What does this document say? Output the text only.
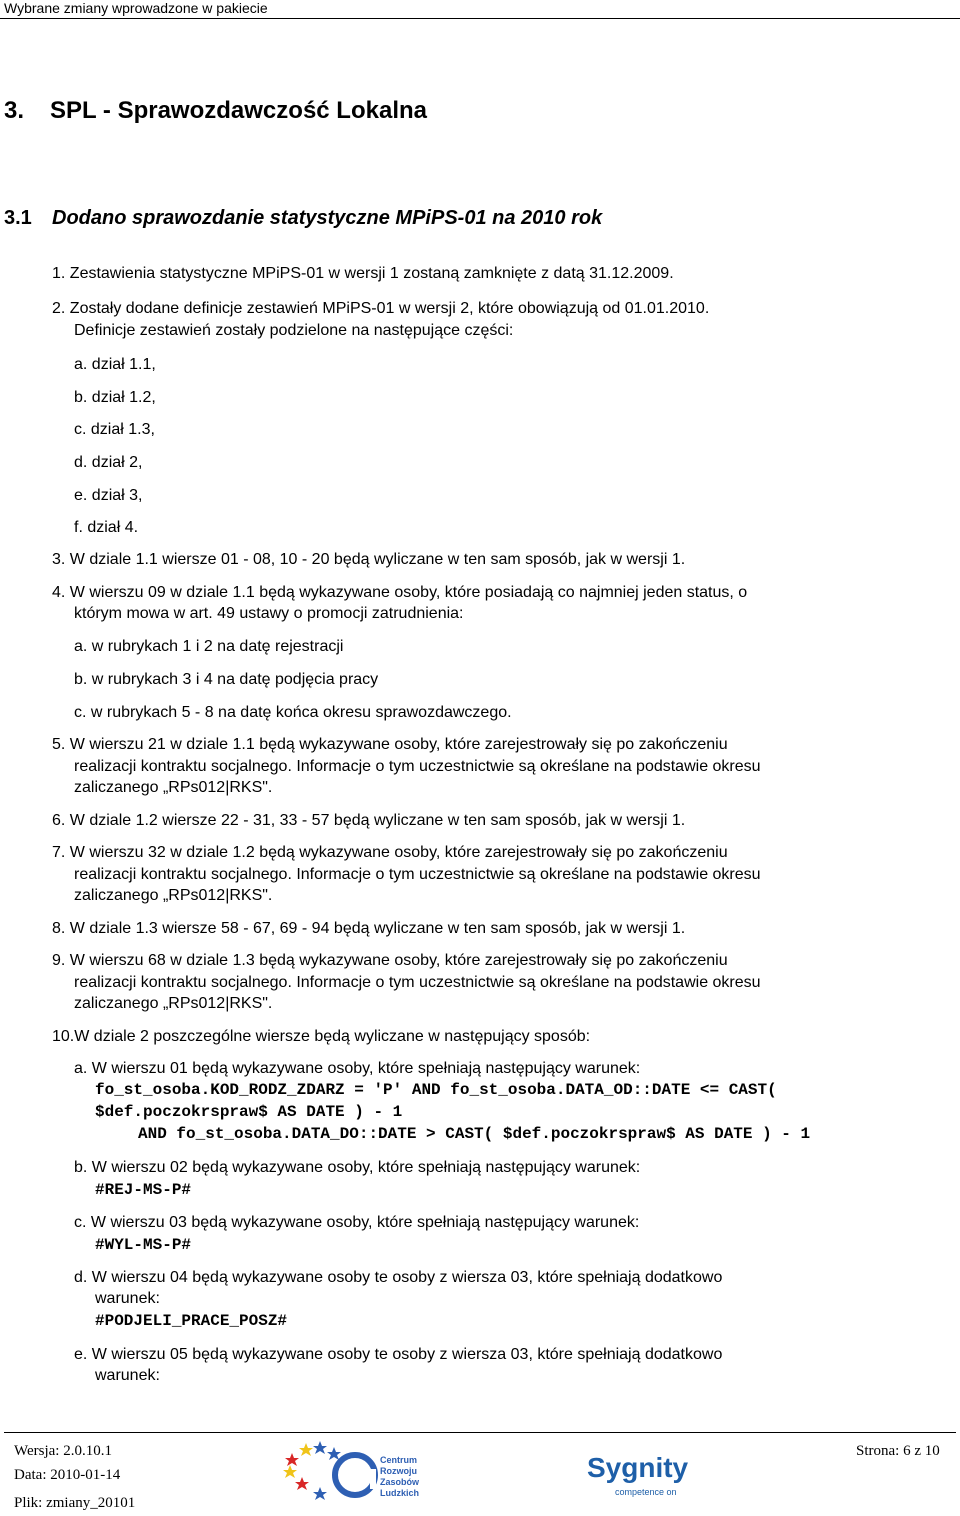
Wybrane zmiany wprowadzone w pakiecie
3. SPL - Sprawozdawczość Lokalna
3.1 Dodano sprawozdanie statystyczne MPiPS-01 na 2010 rok
1. Zestawienia statystyczne MPiPS-01 w wersji 1 zostaną zamknięte z datą 31.12.2009.
2. Zostały dodane definicje zestawień MPiPS-01 w wersji 2, które obowiązują od 01.01.2010.
Definicje zestawień zostały podzielone na następujące części:
a. dział 1.1,
b. dział 1.2,
c. dział 1.3,
d. dział 2,
e. dział 3,
f. dział 4.
3. W dziale 1.1 wiersze 01 - 08, 10 - 20 będą wyliczane w ten sam sposób, jak w wersji 1.
4. W wierszu 09 w dziale 1.1 będą wykazywane osoby, które posiadają co najmniej jeden status, o
którym mowa w art. 49 ustawy o promocji zatrudnienia:
a. w rubrykach 1 i 2 na datę rejestracji
b. w rubrykach 3 i 4 na datę podjęcia pracy
c. w rubrykach 5 - 8 na datę końca okresu sprawozdawczego.
5. W wierszu 21 w dziale 1.1 będą wykazywane osoby, które zarejestrowały się po zakończeniu
realizacji kontraktu socjalnego. Informacje o tym uczestnictwie są określane na podstawie okresu
zaliczanego „RPs012|RKS".
6. W dziale 1.2 wiersze 22 - 31, 33 - 57 będą wyliczane w ten sam sposób, jak w wersji 1.
7. W wierszu 32 w dziale 1.2 będą wykazywane osoby, które zarejestrowały się po zakończeniu
realizacji kontraktu socjalnego. Informacje o tym uczestnictwie są określane na podstawie okresu
zaliczanego „RPs012|RKS".
8. W dziale 1.3 wiersze 58 - 67, 69 - 94 będą wyliczane w ten sam sposób, jak w wersji 1.
9. W wierszu 68 w dziale 1.3 będą wykazywane osoby, które zarejestrowały się po zakończeniu
realizacji kontraktu socjalnego. Informacje o tym uczestnictwie są określane na podstawie okresu
zaliczanego „RPs012|RKS".
10.W dziale 2 poszczególne wiersze będą wyliczane w następujący sposób:
a. W wierszu 01 będą wykazywane osoby, które spełniają następujący warunek:
fo_st_osoba.KOD_RODZ_ZDARZ = 'P' AND fo_st_osoba.DATA_OD::DATE <= CAST(
$def.poczokrspraw$ AS DATE ) - 1
AND fo_st_osoba.DATA_DO::DATE > CAST( $def.poczokrspraw$ AS DATE ) - 1
b. W wierszu 02 będą wykazywane osoby, które spełniają następujący warunek:
#REJ-MS-P#
c. W wierszu 03 będą wykazywane osoby, które spełniają następujący warunek:
#WYL-MS-P#
d. W wierszu 04 będą wykazywane osoby te osoby z wiersza 03, które spełniają dodatkowo
warunek:
#PODJELI_PRACE_POSZ#
e. W wierszu 05 będą wykazywane osoby te osoby z wiersza 03, które spełniają dodatkowo
warunek:
Wersja: 2.0.10.1
Data: 2010-01-14
Plik: zmiany_20101
Strona: 6 z 10
Centrum
Rozwoju
Zasobów
Ludzkich
Sygnity
competence on
